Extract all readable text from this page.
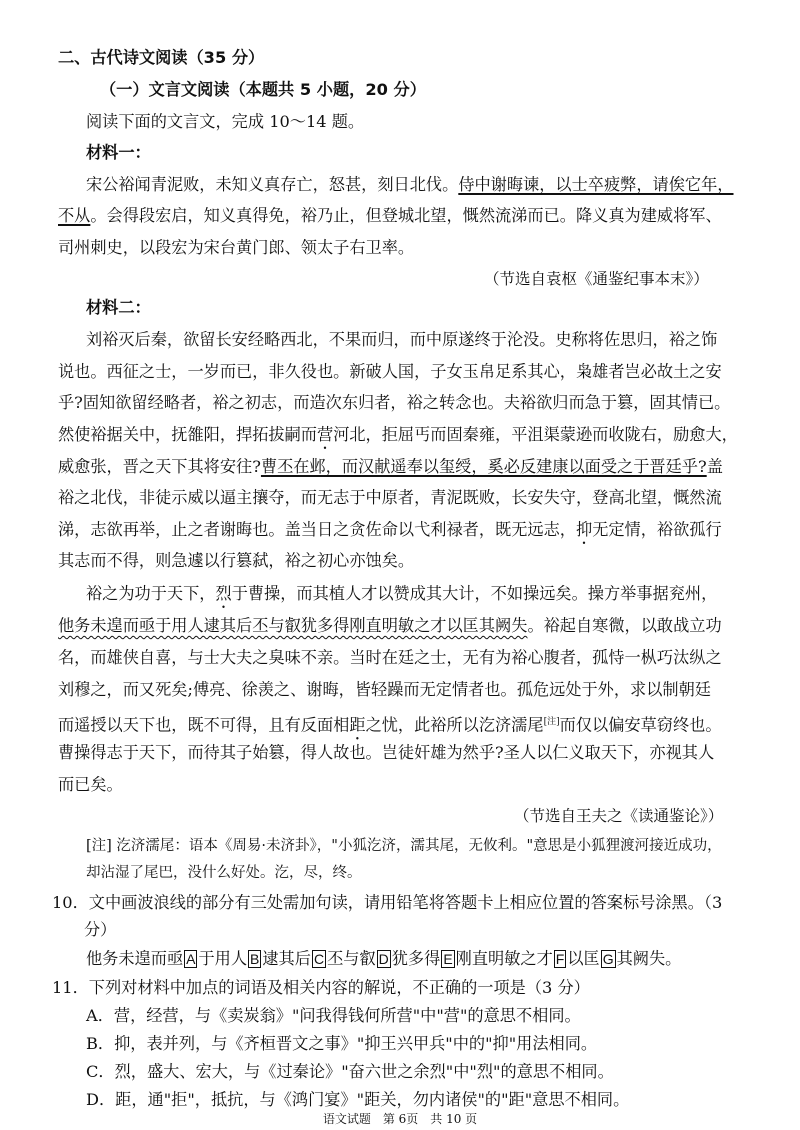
二、古代诗文阅读（35 分）
（一）文言文阅读（本题共 5 小题，20 分）
阅读下面的文言文，完成 10～14 题。
材料一：
宋公裕闻青泥败，未知义真存亡，怒甚，刻日北伐。侍中谢晦谏，以士卒疲弊，请俟它年，
不从。会得段宏启，知义真得免，裕乃止，但登城北望，慨然流涕而已。降义真为建威将军、
司州刺史，以段宏为宋台黄门郎、领太子右卫率。
（节选自袁枢《通鉴纪事本末》）
材料二：
刘裕灭后秦，欲留长安经略西北，不果而归，而中原遂终于沦没。史称将佐思归，裕之饰
说也。西征之士，一岁而已，非久役也。新破人国，子女玉帛足系其心，枭雄者岂必故土之安
乎?固知欲留经略者，裕之初志，而造次东归者，裕之转念也。夫裕欲归而急于篡，固其情已。
然使裕据关中，抚雒阳，捍拓拔嗣而营河北，拒屈丐而固秦雍，平沮渠蒙逊而收陇右，励愈大，
威愈张，晋之天下其将安往?曹丕在邺，而汉献遥奉以玺绶，奚必反建康以面受之于晋廷乎?盖
裕之北伐，非徒示威以逼主攘夺，而无志于中原者，青泥既败，长安失守，登高北望，慨然流
涕，志欲再举，止之者谢晦也。盖当日之贪佐命以弋利禄者，既无远志，抑无定情，裕欲孤行
其志而不得，则急遽以行篡弑，裕之初心亦蚀矣。
裕之为功于天下，烈于曹操，而其植人才以赞成其大计，不如操远矣。操方举事据兖州，
他务未遑而亟于用人逮其后丕与叡犹多得刚直明敏之才以匡其阙失。裕起自寒微，以敢战立功
名，而雄侠自喜，与士大夫之臭味不亲。当时在廷之士，无有为裕心腹者，孤恃一枞巧汰纵之
刘穆之，而又死矣;傅亮、徐羡之、谢晦，皆轻躁而无定情者也。孤危远处于外，求以制朝廷
而遥授以天下也，既不可得，且有反面相距之忧，此裕所以汔济濡尾[注]而仅以偏安草窃终也。
曹操得志于天下，而待其子始篡，得人故也。岂徒奸雄为然乎?圣人以仁义取天下，亦视其人
而已矣。
（节选自王夫之《读通鉴论》）
[注] 汔济濡尾：语本《周易·未济卦》，"小狐汔济，濡其尾，无攸利。"意思是小狐狸渡河接近成功，
却沾湿了尾巴，没什么好处。汔，尽，终。
10．文中画波浪线的部分有三处需加句读，请用铅笔将答题卡上相应位置的答案标号涂黑。（3
分）
他务未遑而亟 A 于用人 B 逮其后 C 丕与叡 D 犹多得 E 刚直明敏之才 F 以匡 G 其阙失。
11．下列对材料中加点的词语及相关内容的解说，不正确的一项是（3 分）
A．营，经营，与《卖炭翁》"问我得钱何所营"中"营"的意思不相同。
B．抑，表并列，与《齐桓晋文之事》"抑王兴甲兵"中的"抑"用法相同。
C．烈，盛大、宏大，与《过秦论》"奋六世之余烈"中"烈"的意思不相同。
D．距，通"拒"，抵抗，与《鸿门宴》"距关，勿内诸侯"的"距"意思不相同。
语文试题　第 6页　共 10 页
